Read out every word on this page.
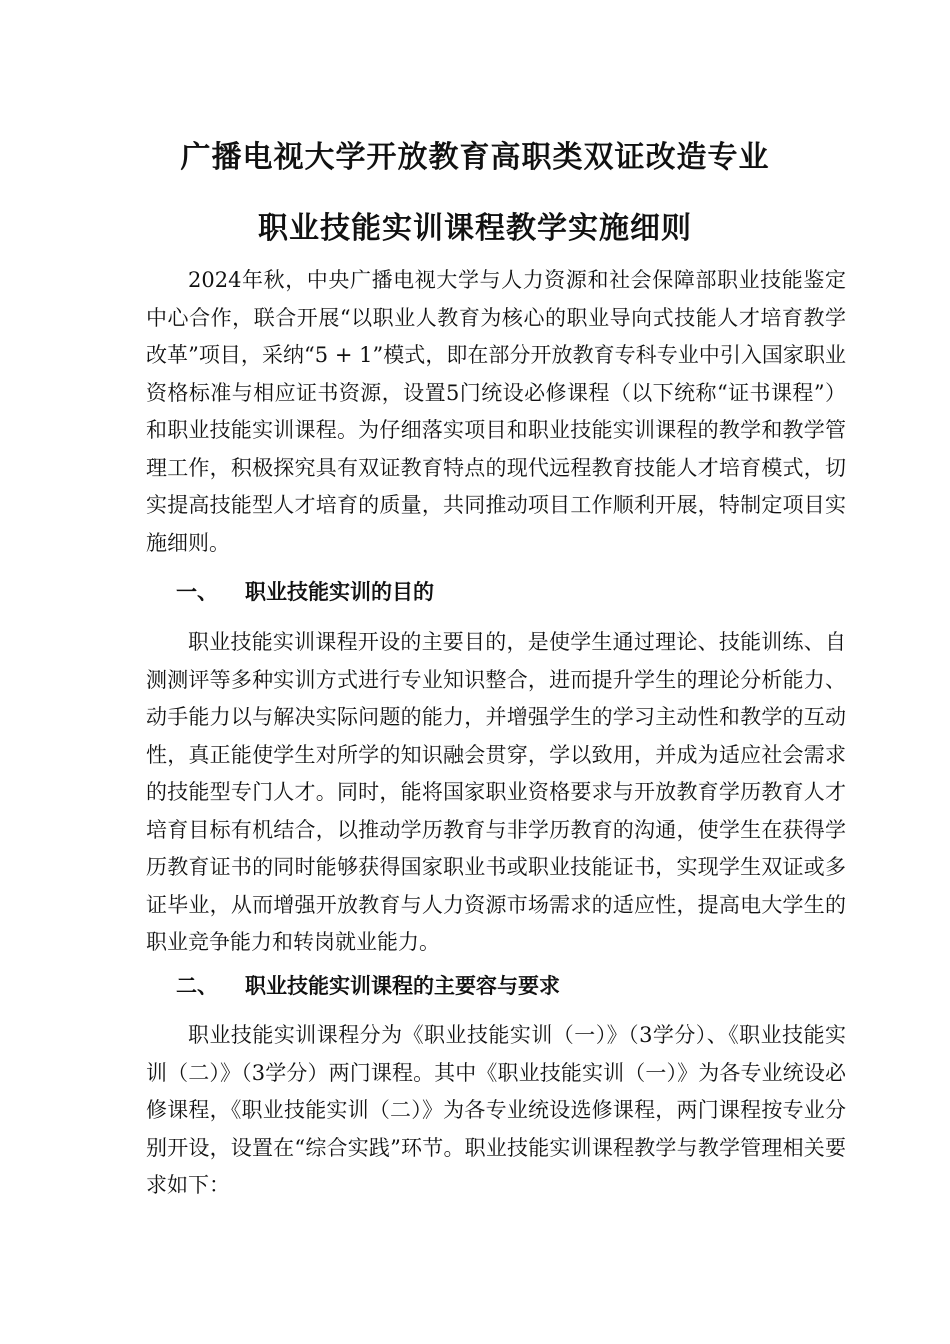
广播电视大学开放教育高职类双证改造专业
职业技能实训课程教学实施细则

2024年秋，中央广播电视大学与人力资源和社会保障部职业技能鉴定中心合作，联合开展“以职业人教育为核心的职业导向式技能人才培育教学改革”项目，采纳“5 + 1”模式，即在部分开放教育专科专业中引入国家职业资格标准与相应证书资源，设置5门统设必修课程（以下统称“证书课程”）和职业技能实训课程。为仔细落实项目和职业技能实训课程的教学和教学管理工作，积极探究具有双证教育特点的现代远程教育技能人才培育模式，切实提高技能型人才培育的质量，共同推动项目工作顺利开展，特制定项目实施细则。

一、 职业技能实训的目的

职业技能实训课程开设的主要目的，是使学生通过理论、技能训练、自测测评等多种实训方式进行专业知识整合，进而提升学生的理论分析能力、动手能力以与解决实际问题的能力，并增强学生的学习主动性和教学的互动性，真正能使学生对所学的知识融会贯穿，学以致用，并成为适应社会需求的技能型专门人才。同时，能将国家职业资格要求与开放教育学历教育人才培育目标有机结合，以推动学历教育与非学历教育的沟通，使学生在获得学历教育证书的同时能够获得国家职业书或职业技能证书，实现学生双证或多证毕业，从而增强开放教育与人力资源市场需求的适应性，提高电大学生的职业竞争能力和转岗就业能力。

二、 职业技能实训课程的主要容与要求

职业技能实训课程分为《职业技能实训（一）》（3学分）、《职业技能实训（二）》（3学分）两门课程。其中《职业技能实训（一）》为各专业统设必修课程，《职业技能实训（二）》为各专业统设选修课程，两门课程按专业分别开设，设置在“综合实践”环节。职业技能实训课程教学与教学管理相关要求如下：
